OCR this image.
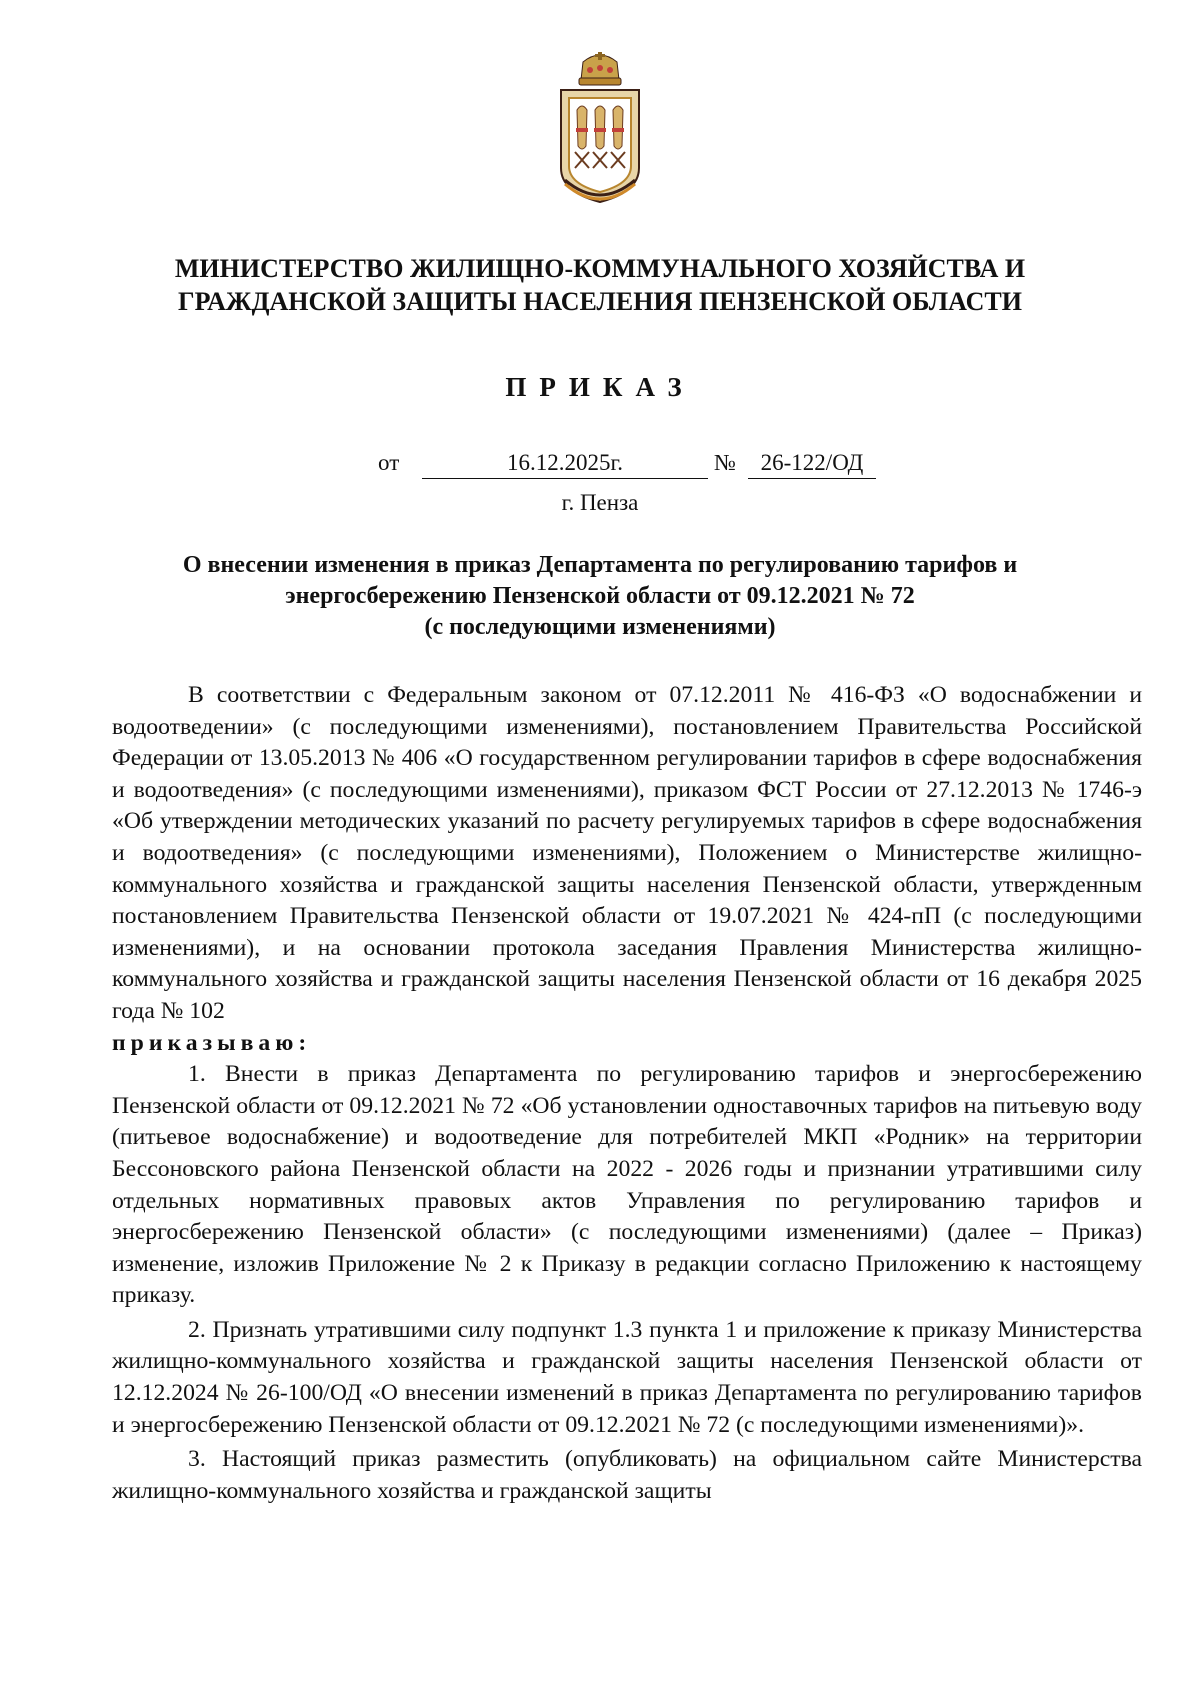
МИНИСТЕРСТВО ЖИЛИЩНО-КОММУНАЛЬНОГО ХОЗЯЙСТВА И
ГРАЖДАНСКОЙ ЗАЩИТЫ НАСЕЛЕНИЯ ПЕНЗЕНСКОЙ ОБЛАСТИ
ПРИКАЗ
от	16.12.2025г.	№	26-122/ОД
г. Пенза
О внесении изменения в приказ Департамента по регулированию тарифов и
энергосбережению Пензенской области от 09.12.2021 № 72
(с последующими изменениями)

В соответствии с Федеральным законом от 07.12.2011 № 416-ФЗ «О водоснабжении и водоотведении» (с последующими изменениями), постановлением Правительства Российской Федерации от 13.05.2013 № 406 «О государственном регулировании тарифов в сфере водоснабжения и водоотведения» (с последующими изменениями), приказом ФСТ России от 27.12.2013 № 1746-э «Об утверждении методических указаний по расчету регулируемых тарифов в сфере водоснабжения и водоотведения» (с последующими изменениями), Положением о Министерстве жилищно-коммунального хозяйства и гражданской защиты населения Пензенской области, утвержденным постановлением Правительства Пензенской области от 19.07.2021 № 424-пП (с последующими изменениями), и на основании протокола заседания Правления Министерства жилищно-коммунального хозяйства и гражданской защиты населения Пензенской области от 16 декабря 2025 года № 102

приказываю:

1. Внести в приказ Департамента по регулированию тарифов и энергосбережению Пензенской области от 09.12.2021 № 72 «Об установлении одноставочных тарифов на питьевую воду (питьевое водоснабжение) и водоотведение для потребителей МКП «Родник» на территории Бессоновского района Пензенской области на 2022 - 2026 годы и признании утратившими силу отдельных нормативных правовых актов Управления по регулированию тарифов и энергосбережению Пензенской области» (с последующими изменениями) (далее – Приказ) изменение, изложив Приложение № 2 к Приказу в редакции согласно Приложению к настоящему приказу.

2. Признать утратившими силу подпункт 1.3 пункта 1 и приложение к приказу Министерства жилищно-коммунального хозяйства и гражданской защиты населения Пензенской области от 12.12.2024 № 26-100/ОД «О внесении изменений в приказ Департамента по регулированию тарифов и энергосбережению Пензенской области от 09.12.2021 № 72 (с последующими изменениями)».

3. Настоящий приказ разместить (опубликовать) на официальном сайте Министерства жилищно-коммунального хозяйства и гражданской защиты
